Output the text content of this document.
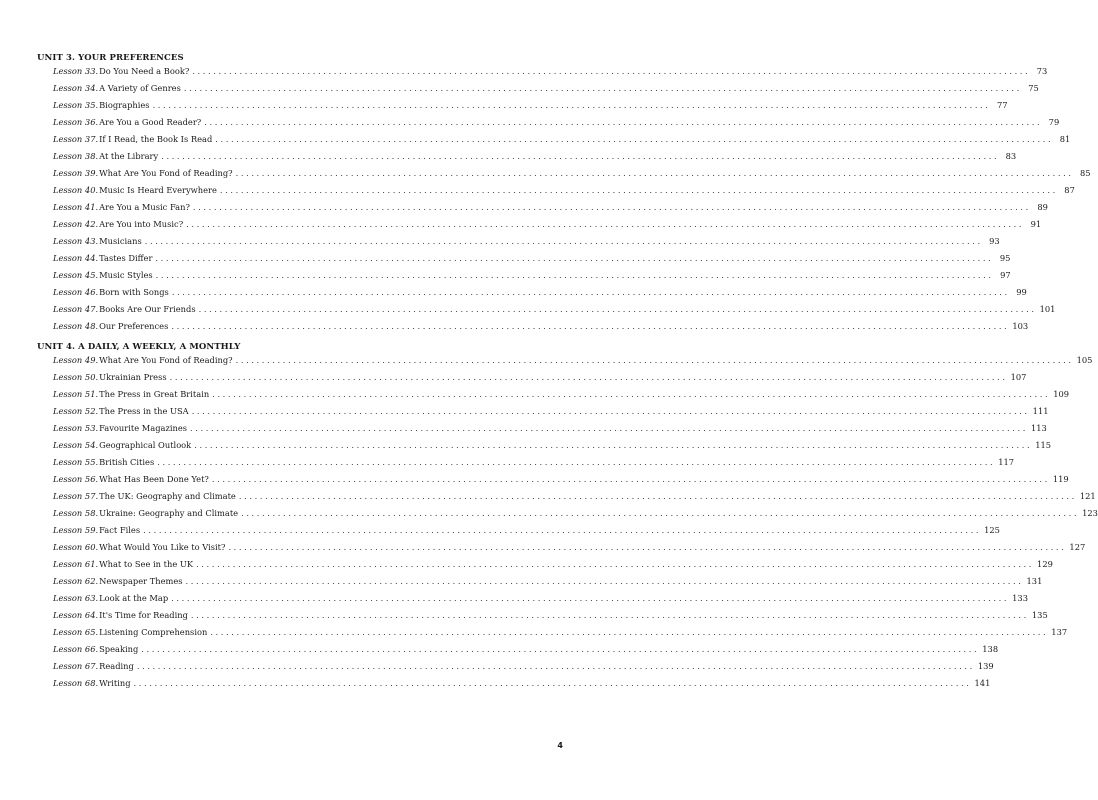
UNIT 3. YOUR PREFERENCES
Lesson 33. Do You Need a Book? ................................................................................................................................................................ 73
Lesson 34. A Variety of Genres ................................................................................................................................................................ 75
Lesson 35. Biographies ................................................................................................................................................................ 77
Lesson 36. Are You a Good Reader? ................................................................................................................................................................ 79
Lesson 37. If I Read, the Book Is Read ................................................................................................................................................................ 81
Lesson 38. At the Library ................................................................................................................................................................ 83
Lesson 39. What Are You Fond of Reading? ................................................................................................................................................................ 85
Lesson 40. Music Is Heard Everywhere ................................................................................................................................................................ 87
Lesson 41. Are You a Music Fan? ................................................................................................................................................................ 89
Lesson 42. Are You into Music? ................................................................................................................................................................ 91
Lesson 43. Musicians ................................................................................................................................................................ 93
Lesson 44. Tastes Differ ................................................................................................................................................................ 95
Lesson 45. Music Styles ................................................................................................................................................................ 97
Lesson 46. Born with Songs ................................................................................................................................................................ 99
Lesson 47. Books Are Our Friends ................................................................................................................................................................ 101
Lesson 48. Our Preferences ................................................................................................................................................................ 103
UNIT 4. A DAILY, A WEEKLY, A MONTHLY
Lesson 49. What Are You Fond of Reading? ................................................................................................................................................................ 105
Lesson 50. Ukrainian Press ................................................................................................................................................................ 107
Lesson 51. The Press in Great Britain ................................................................................................................................................................ 109
Lesson 52. The Press in the USA ................................................................................................................................................................ 111
Lesson 53. Favourite Magazines ................................................................................................................................................................ 113
Lesson 54. Geographical Outlook ................................................................................................................................................................ 115
Lesson 55. British Cities ................................................................................................................................................................ 117
Lesson 56. What Has Been Done Yet? ................................................................................................................................................................ 119
Lesson 57. The UK: Geography and Climate ................................................................................................................................................................ 121
Lesson 58. Ukraine: Geography and Climate ................................................................................................................................................................ 123
Lesson 59. Fact Files ................................................................................................................................................................ 125
Lesson 60. What Would You Like to Visit? ................................................................................................................................................................ 127
Lesson 61. What to See in the UK ................................................................................................................................................................ 129
Lesson 62. Newspaper Themes ................................................................................................................................................................ 131
Lesson 63. Look at the Map ................................................................................................................................................................ 133
Lesson 64. It's Time for Reading ................................................................................................................................................................ 135
Lesson 65. Listening Comprehension ................................................................................................................................................................ 137
Lesson 66. Speaking ................................................................................................................................................................ 138
Lesson 67. Reading ................................................................................................................................................................ 139
Lesson 68. Writing ................................................................................................................................................................ 141
4
